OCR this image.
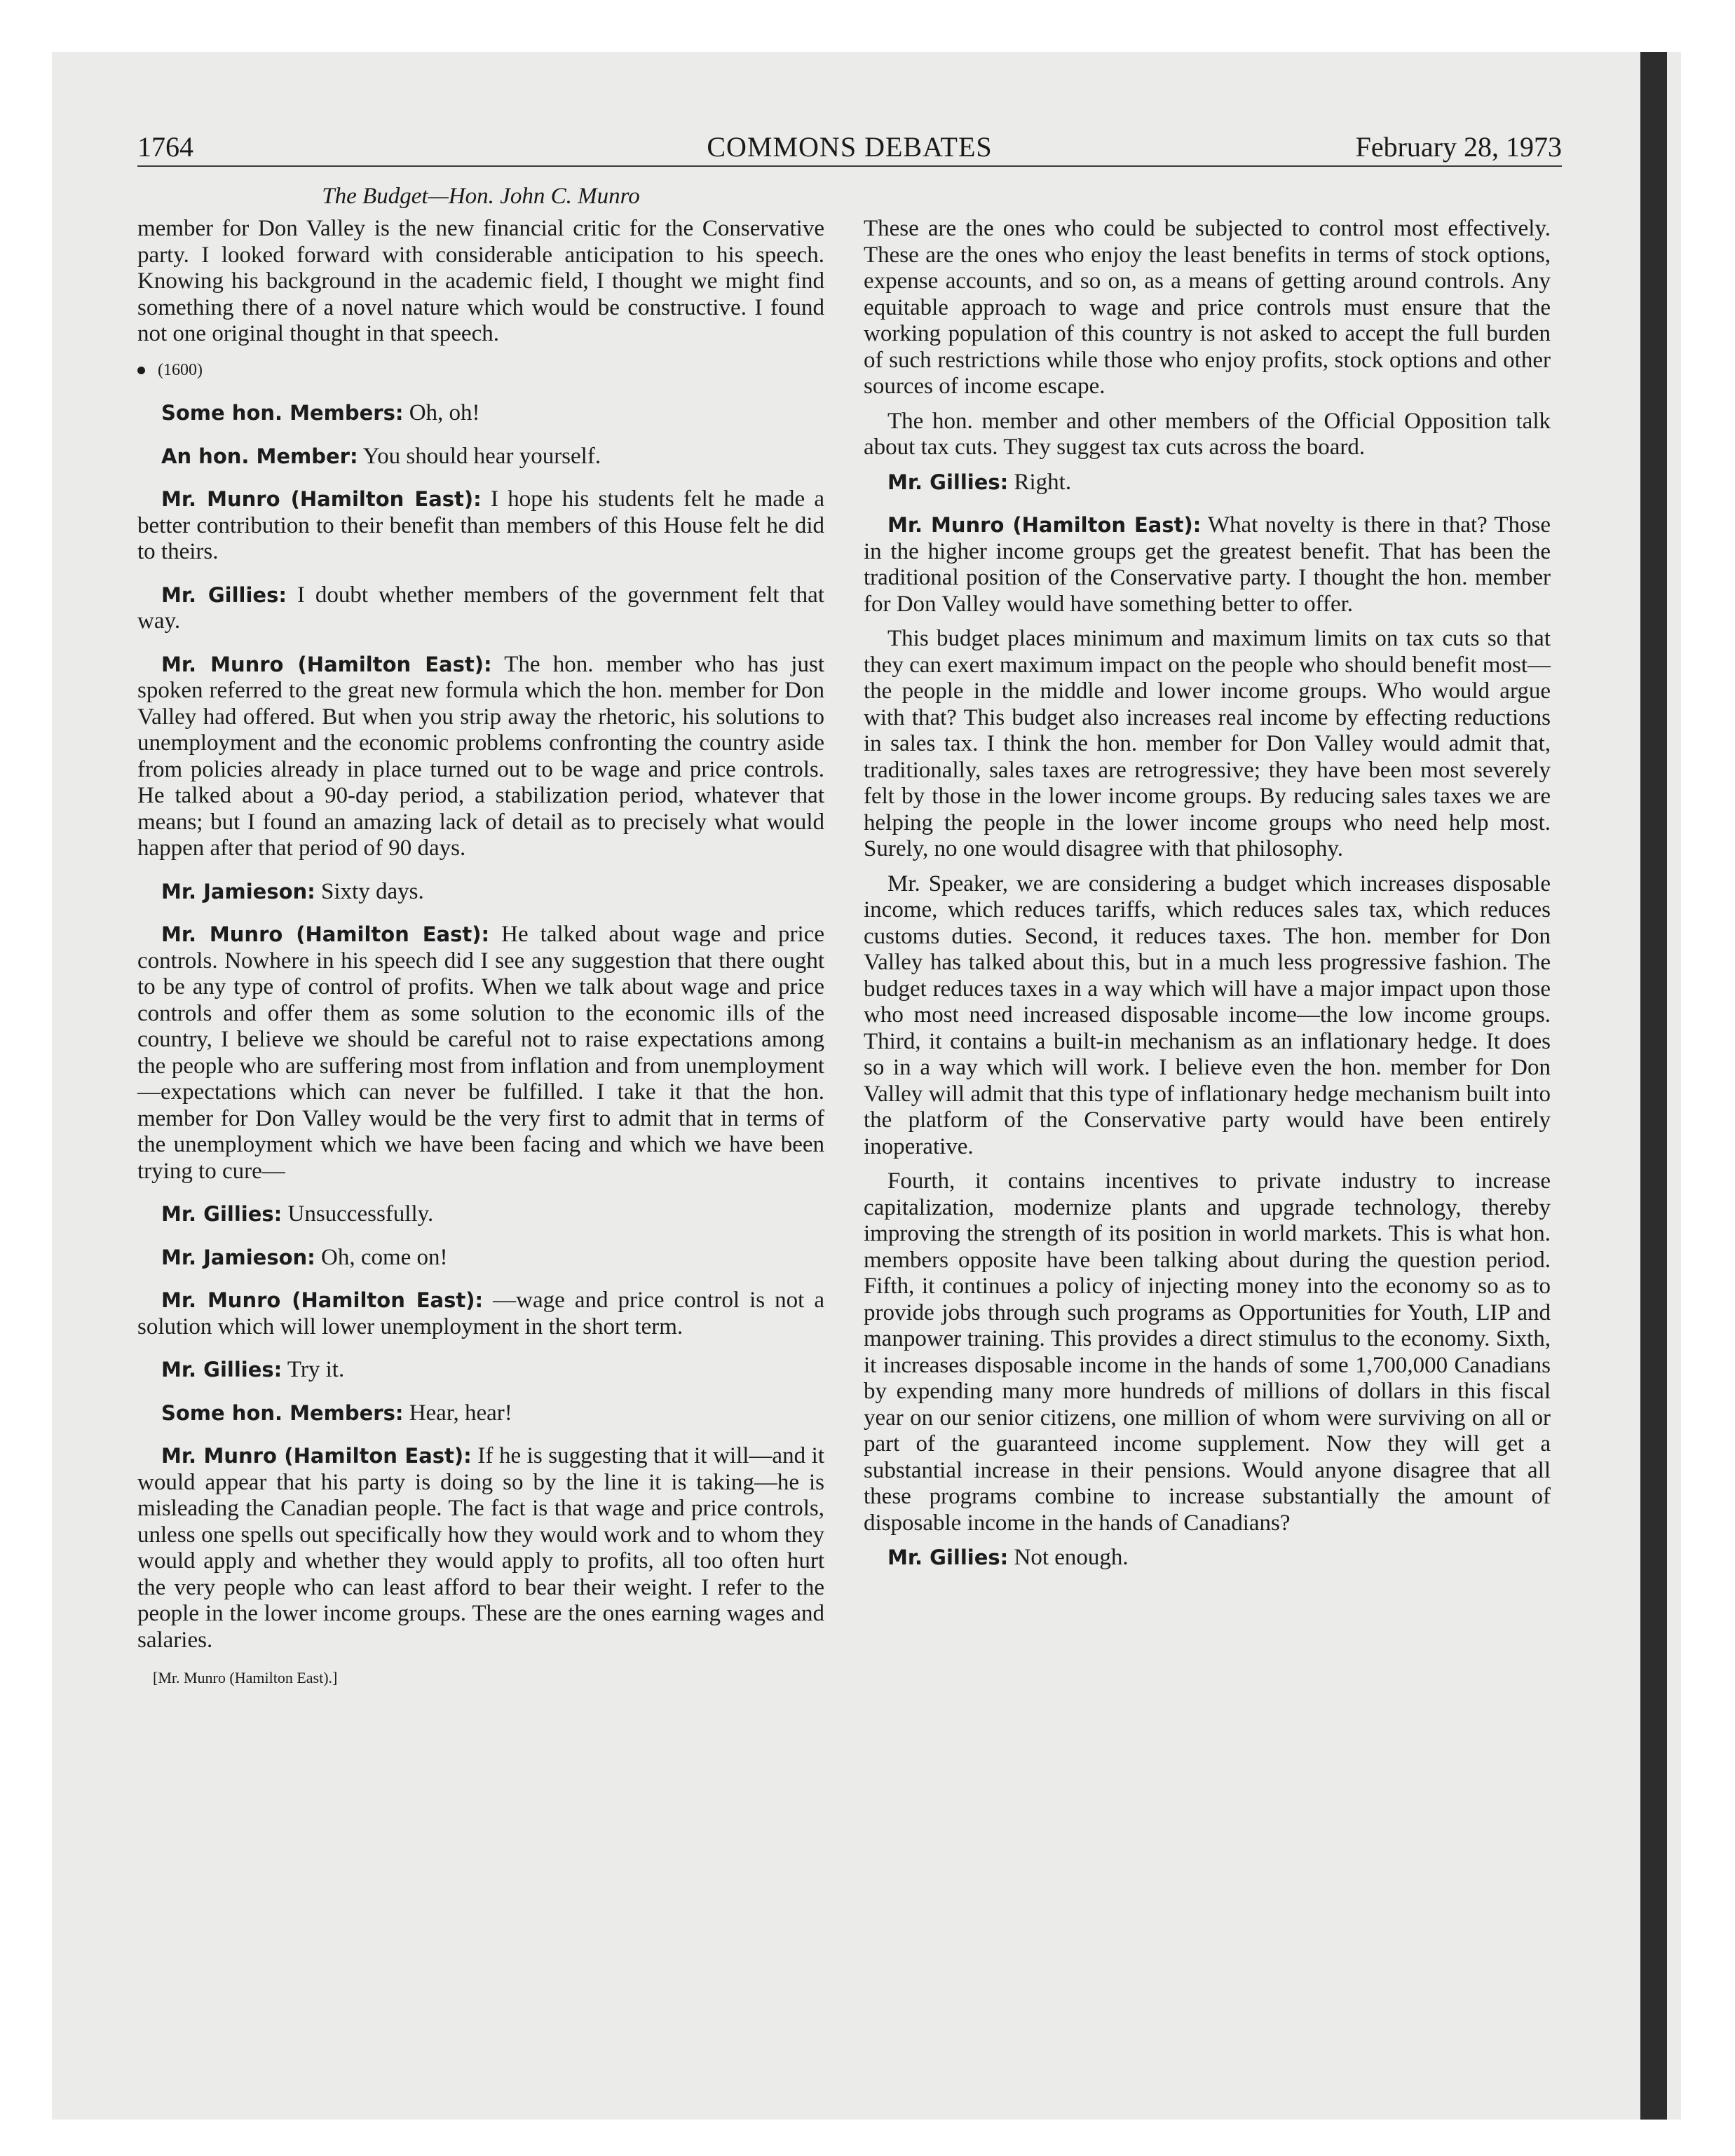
1764	COMMONS DEBATES	February 28, 1973
The Budget—Hon. John C. Munro

member for Don Valley is the new financial critic for the Conservative party. I looked forward with considerable anticipation to his speech. Knowing his background in the academic field, I thought we might find something there of a novel nature which would be constructive. I found not one original thought in that speech.

(1600)

Some hon. Members: Oh, oh!

An hon. Member: You should hear yourself.

Mr. Munro (Hamilton East): I hope his students felt he made a better contribution to their benefit than members of this House felt he did to theirs.

Mr. Gillies: I doubt whether members of the government felt that way.

Mr. Munro (Hamilton East): The hon. member who has just spoken referred to the great new formula which the hon. member for Don Valley had offered. But when you strip away the rhetoric, his solutions to unemployment and the economic problems confronting the country aside from policies already in place turned out to be wage and price controls. He talked about a 90-day period, a stabilization period, whatever that means; but I found an amazing lack of detail as to precisely what would happen after that period of 90 days.

Mr. Jamieson: Sixty days.

Mr. Munro (Hamilton East): He talked about wage and price controls. Nowhere in his speech did I see any suggestion that there ought to be any type of control of profits. When we talk about wage and price controls and offer them as some solution to the economic ills of the country, I believe we should be careful not to raise expectations among the people who are suffering most from inflation and from unemployment—expectations which can never be fulfilled. I take it that the hon. member for Don Valley would be the very first to admit that in terms of the unemployment which we have been facing and which we have been trying to cure—

Mr. Gillies: Unsuccessfully.

Mr. Jamieson: Oh, come on!

Mr. Munro (Hamilton East): —wage and price control is not a solution which will lower unemployment in the short term.

Mr. Gillies: Try it.

Some hon. Members: Hear, hear!

Mr. Munro (Hamilton East): If he is suggesting that it will—and it would appear that his party is doing so by the line it is taking—he is misleading the Canadian people. The fact is that wage and price controls, unless one spells out specifically how they would work and to whom they would apply and whether they would apply to profits, all too often hurt the very people who can least afford to bear their weight. I refer to the people in the lower income groups. These are the ones earning wages and salaries.

[Mr. Munro (Hamilton East).]

These are the ones who could be subjected to control most effectively. These are the ones who enjoy the least benefits in terms of stock options, expense accounts, and so on, as a means of getting around controls. Any equitable approach to wage and price controls must ensure that the working population of this country is not asked to accept the full burden of such restrictions while those who enjoy profits, stock options and other sources of income escape.

The hon. member and other members of the Official Opposition talk about tax cuts. They suggest tax cuts across the board.

Mr. Gillies: Right.

Mr. Munro (Hamilton East): What novelty is there in that? Those in the higher income groups get the greatest benefit. That has been the traditional position of the Conservative party. I thought the hon. member for Don Valley would have something better to offer.

This budget places minimum and maximum limits on tax cuts so that they can exert maximum impact on the people who should benefit most—the people in the middle and lower income groups. Who would argue with that? This budget also increases real income by effecting reductions in sales tax. I think the hon. member for Don Valley would admit that, traditionally, sales taxes are retrogressive; they have been most severely felt by those in the lower income groups. By reducing sales taxes we are helping the people in the lower income groups who need help most. Surely, no one would disagree with that philosophy.

Mr. Speaker, we are considering a budget which increases disposable income, which reduces tariffs, which reduces sales tax, which reduces customs duties. Second, it reduces taxes. The hon. member for Don Valley has talked about this, but in a much less progressive fashion. The budget reduces taxes in a way which will have a major impact upon those who most need increased disposable income—the low income groups. Third, it contains a built-in mechanism as an inflationary hedge. It does so in a way which will work. I believe even the hon. member for Don Valley will admit that this type of inflationary hedge mechanism built into the platform of the Conservative party would have been entirely inoperative.

Fourth, it contains incentives to private industry to increase capitalization, modernize plants and upgrade technology, thereby improving the strength of its position in world markets. This is what hon. members opposite have been talking about during the question period. Fifth, it continues a policy of injecting money into the economy so as to provide jobs through such programs as Opportunities for Youth, LIP and manpower training. This provides a direct stimulus to the economy. Sixth, it increases disposable income in the hands of some 1,700,000 Canadians by expending many more hundreds of millions of dollars in this fiscal year on our senior citizens, one million of whom were surviving on all or part of the guaranteed income supplement. Now they will get a substantial increase in their pensions. Would anyone disagree that all these programs combine to increase substantially the amount of disposable income in the hands of Canadians?

Mr. Gillies: Not enough.
